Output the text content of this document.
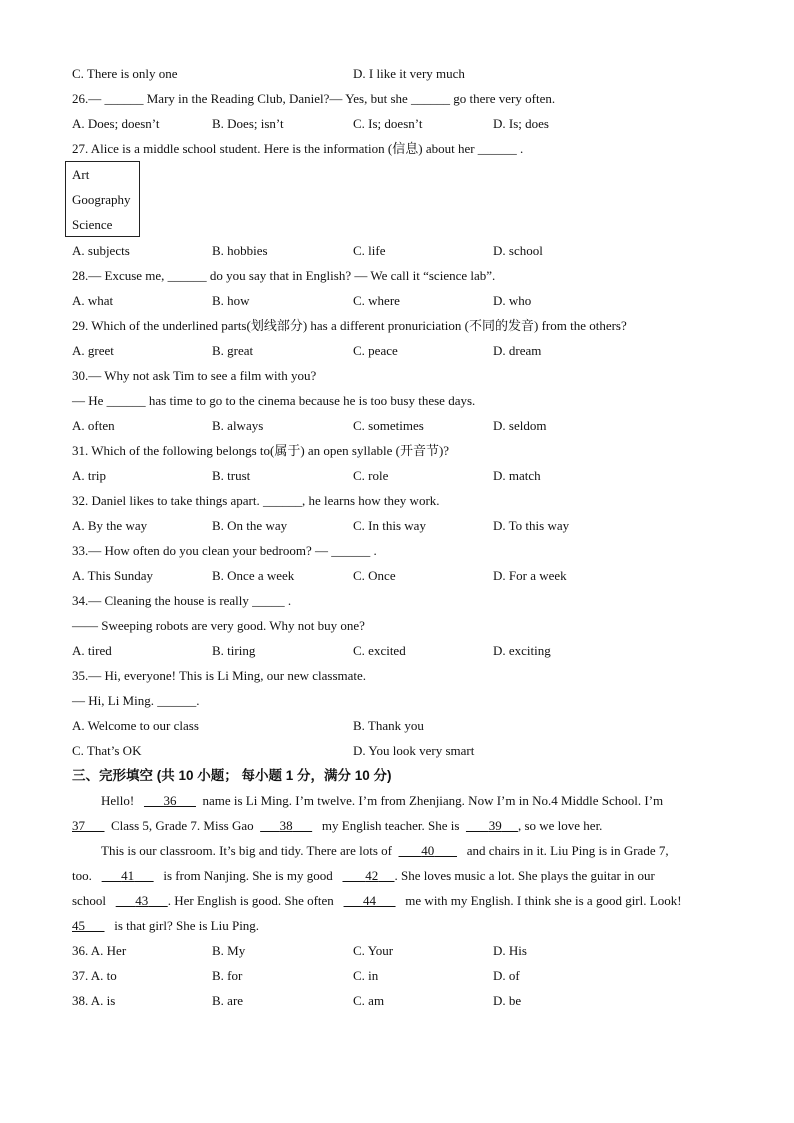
C. There is only one	D. I like it very much
26.— ______ Mary in the Reading Club, Daniel?— Yes, but she ______ go there very often.
A. Does; doesn’t	B. Does; isn’t	C. Is; doesn’t	D. Is; does
27. Alice is a middle school student. Here is the information (信息) about her ______ .
Art
Goography
Science
A. subjects	B. hobbies	C. life	D. school
28.— Excuse me, ______ do you say that in English? — We call it “science lab”.
A. what	B. how	C. where	D. who
29. Which of the underlined parts(划线部分) has a different pronuriciation (不同的发音) from the others?
A. greet	B. great	C. peace	D. dream
30.— Why not ask Tim to see a film with you?
— He ______ has time to go to the cinema because he is too busy these days.
A. often	B. always	C. sometimes	D. seldom
31. Which of the following belongs to(属于) an open syllable (开音节)?
A. trip	B. trust	C. role	D. match
32. Daniel likes to take things apart. ______, he learns how they work.
A. By the way	B. On the way	C. In this way	D. To this way
33.— How often do you clean your bedroom? — ______ .
A. This Sunday	B. Once a week	C. Once	D. For a week
34.— Cleaning the house is really _____ .
—— Sweeping robots are very good. Why not buy one?
A. tired	B. tiring	C. excited	D. exciting
35.— Hi, everyone! This is Li Ming, our new classmate.
— Hi, Li Ming. ______.
A. Welcome to our class	B. Thank you
C. That’s OK	D. You look very smart
三、完形填空 (共 10 小题； 每小题 1 分，满分 10 分)
Hello! 36 name is Li Ming. I’m twelve. I’m from Zhenjiang. Now I’m in No.4 Middle School. I’m
37 Class 5, Grade 7. Miss Gao 38 my English teacher. She is 39 , so we love her.
This is our classroom. It’s big and tidy. There are lots of 40	and chairs in it. Liu Ping is in Grade 7,
too. 41 is from Nanjing. She is my good	42 . She loves music a lot. She plays the guitar in our
school 43 . Her English is good. She often 44 me with my English. I think she is a good girl. Look!
45 is that girl? She is Liu Ping.
36. A. Her	B. My	C. Your	D. His
37. A. to	B. for	C. in	D. of
38. A. is	B. are	C. am	D. be
